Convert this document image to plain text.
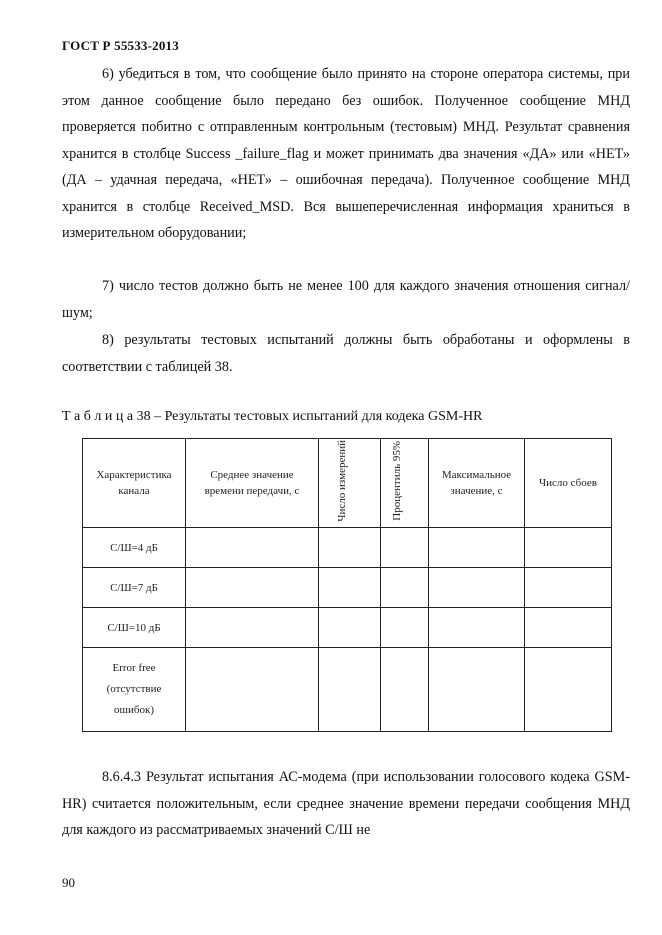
ГОСТ Р 55533-2013

6) убедиться в том, что сообщение было принято на стороне оператора системы, при этом данное сообщение было передано без ошибок. Полученное сообщение МНД проверяется побитно с отправленным контрольным (тестовым) МНД. Результат сравнения хранится в столбце Success _failure_flag и может принимать два значения «ДА» или «НЕТ» (ДА – удачная передача, «НЕТ» – ошибочная передача). Полученное сообщение МНД хранится в столбце Received_MSD. Вся вышеперечисленная информация храниться в измерительном оборудовании;

7) число тестов должно быть не менее 100 для каждого значения отношения сигнал/шум;

8) результаты тестовых испытаний должны быть обработаны и оформлены в соответствии с таблицей 38.

Т а б л и ц а 38 – Результаты тестовых испытаний для кодека GSM-HR
Характеристика канала	Среднее значение времени передачи, с	Число измерений	Процентиль 95%	Максимальное значение, с	Число сбоев
С/Ш=4 дБ					
С/Ш=7 дБ					
С/Ш=10 дБ					

Error free
(отсутствие
ошибок)					

8.6.4.3 Результат испытания АС-модема (при использовании голосового кодека GSM-HR) считается положительным, если среднее значение времени передачи сообщения МНД для каждого из рассматриваемых значений С/Ш не

90
